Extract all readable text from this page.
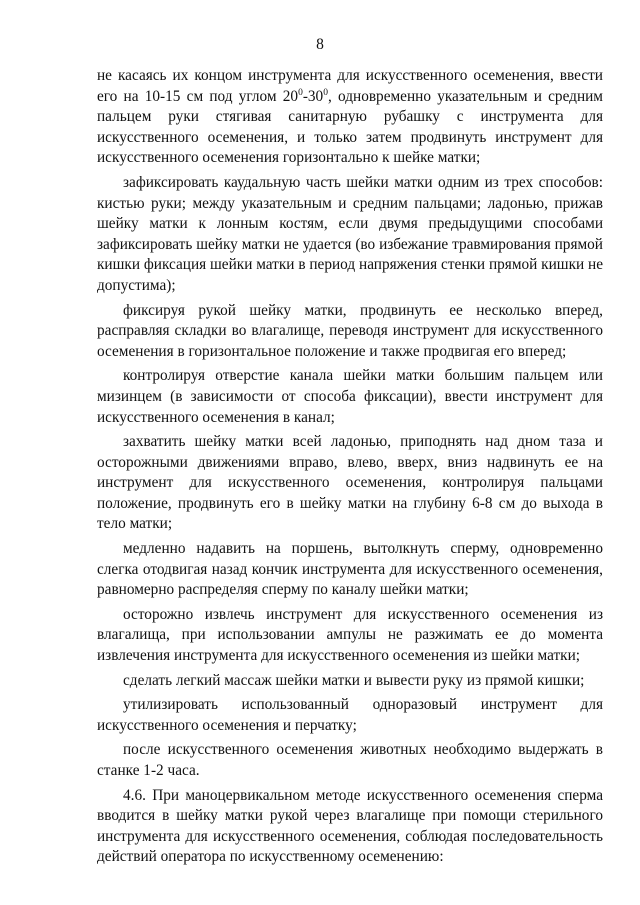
8

не касаясь их концом инструмента для искусственного осеменения, ввести его на 10-15 см под углом $20^0-30^0$, одновременно указательным и средним пальцем руки стягивая санитарную рубашку с инструмента для искусственного осеменения, и только затем продвинуть инструмент для искусственного осеменения горизонтально к шейке матки;

зафиксировать каудальную часть шейки матки одним из трех способов: кистью руки; между указательным и средним пальцами; ладонью, прижав шейку матки к лонным костям, если двумя предыдущими способами зафиксировать шейку матки не удается (во избежание травмирования прямой кишки фиксация шейки матки в период напряжения стенки прямой кишки не допустима);

фиксируя рукой шейку матки, продвинуть ее несколько вперед, расправляя складки во влагалище, переводя инструмент для искусственного осеменения в горизонтальное положение и также продвигая его вперед;

контролируя отверстие канала шейки матки большим пальцем или мизинцем (в зависимости от способа фиксации), ввести инструмент для искусственного осеменения в канал;

захватить шейку матки всей ладонью, приподнять над дном таза и осторожными движениями вправо, влево, вверх, вниз надвинуть ее на инструмент для искусственного осеменения, контролируя пальцами положение, продвинуть его в шейку матки на глубину 6-8 см до выхода в тело матки;

медленно надавить на поршень, вытолкнуть сперму, одновременно слегка отодвигая назад кончик инструмента для искусственного осеменения, равномерно распределяя сперму по каналу шейки матки;

осторожно извлечь инструмент для искусственного осеменения из влагалища, при использовании ампулы не разжимать ее до момента извлечения инструмента для искусственного осеменения из шейки матки;

сделать легкий массаж шейки матки и вывести руку из прямой кишки;

утилизировать использованный одноразовый инструмент для искусственного осеменения и перчатку;

после искусственного осеменения животных необходимо выдержать в станке 1-2 часа.

4.6. При маноцервикальном методе искусственного осеменения сперма вводится в шейку матки рукой через влагалище при помощи стерильного инструмента для искусственного осеменения, соблюдая последовательность действий оператора по искусственному осеменению:
